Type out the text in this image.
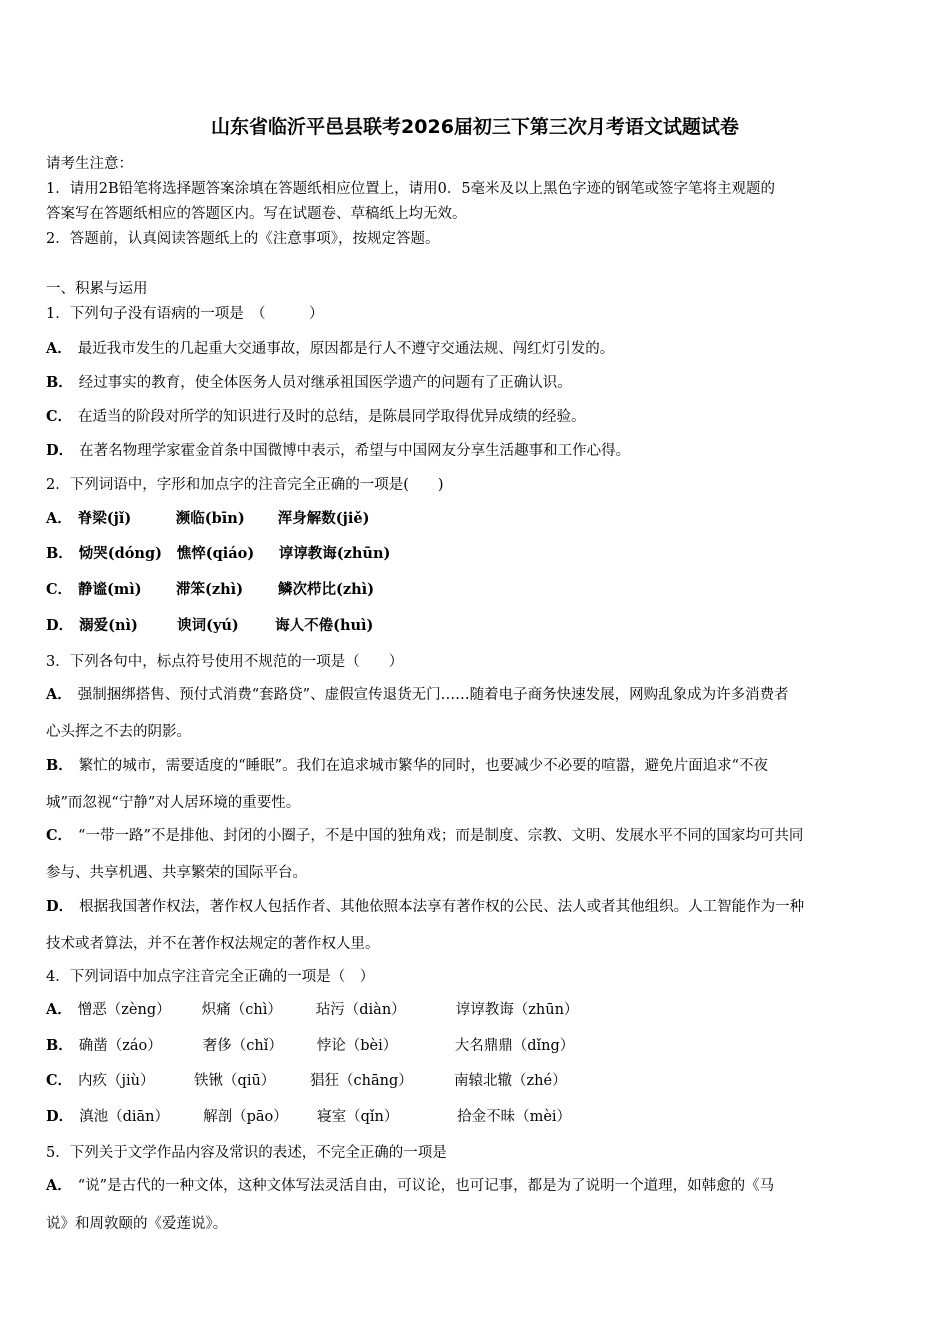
山东省临沂平邑县联考2026届初三下第三次月考语文试题试卷
请考生注意：
1．请用2B铅笔将选择题答案涂填在答题纸相应位置上，请用0．5毫米及以上黑色字迹的钢笔或签字笔将主观题的
答案写在答题纸相应的答题区内。写在试题卷、草稿纸上均无效。
2．答题前，认真阅读答题纸上的《注意事项》，按规定答题。
一、积累与运用
1．下列句子没有语病的一项是　（　　　）
A． 最近我市发生的几起重大交通事故，原因都是行人不遵守交通法规、闯红灯引发的。
B． 经过事实的教育，使全体医务人员对继承祖国医学遗产的问题有了正确认识。
C． 在适当的阶段对所学的知识进行及时的总结，是陈晨同学取得优异成绩的经验。
D． 在著名物理学家霍金首条中国微博中表示，希望与中国网友分享生活趣事和工作心得。
2．下列词语中，字形和加点字的注音完全正确的一项是(　　)
A． 脊梁(jǐ)	濒临(bīn) 浑身解数(jiě)
B． 恸哭(dóng) 憔悴(qiáo) 谆谆教诲(zhūn)
C． 静谧(mì) 滞笨(zhì) 鳞次栉比(zhì)
D． 溺爱(nì)	谀词(yú)	诲人不倦(huì)
3．下列各句中，标点符号使用不规范的一项是（　　）
A． 强制捆绑搭售、预付式消费“套路贷”、虚假宣传退货无门……随着电子商务快速发展，网购乱象成为许多消费者
心头挥之不去的阴影。
B． 繁忙的城市，需要适度的“睡眠”。我们在追求城市繁华的同时，也要减少不必要的喧嚣，避免片面追求“不夜
城”而忽视“宁静”对人居环境的重要性。
C． “一带一路”不是排他、封闭的小圈子，不是中国的独角戏；而是制度、宗教、文明、发展水平不同的国家均可共同
参与、共享机遇、共享繁荣的国际平台。
D． 根据我国著作权法，著作权人包括作者、其他依照本法享有著作权的公民、法人或者其他组织。人工智能作为一种
技术或者算法，并不在著作权法规定的著作权人里。
4．下列词语中加点字注音完全正确的一项是（　）
A． 憎恶（zèng） 炽痛（chì） 玷污（diàn）	谆谆教诲（zhūn）
B． 确凿（záo）	奢侈（chǐ） 悖论（bèi）	大名鼎鼎（dǐng）
C． 内疚（jiù）	铁锹（qiū） 猖狂（chāng）	南辕北辙（zhé）
D． 滇池（diān） 解剖（pāo） 寝室（qǐn）	拾金不昧（mèi）
5．下列关于文学作品内容及常识的表述，不完全正确的一项是
A． “说”是古代的一种文体，这种文体写法灵活自由，可议论，也可记事，都是为了说明一个道理，如韩愈的《马
说》和周敦颐的《爱莲说》。
